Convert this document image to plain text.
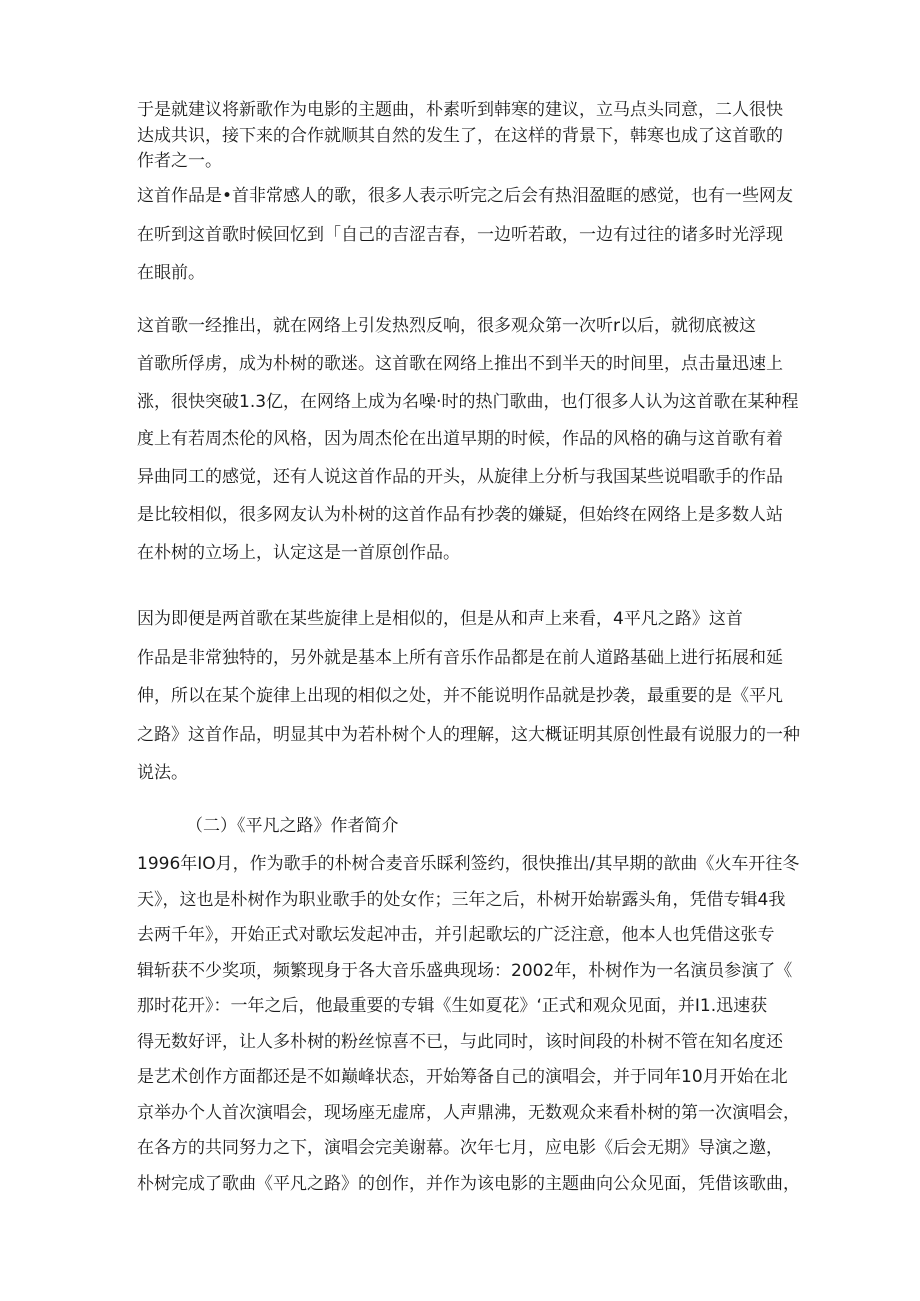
于是就建议将新歌作为电影的主题曲，朴素听到韩寒的建议，立马点头同意，二人很快
达成共识，接下来的合作就顺其自然的发生了，在这样的背景下，韩寒也成了这首歌的
作者之一。
这首作品是•首非常感人的歌，很多人表示听完之后会有热泪盈眶的感觉，也有一些网友
在听到这首歌时候回忆到「自己的吉涩吉春，一边听若敢，一边有过往的诸多时光浮现
在眼前。
这首歌一经推出，就在网络上引发热烈反响，很多观众第一次听r以后，就彻底被这
首歌所俘虏，成为朴树的歌迷。这首歌在网络上推出不到半天的时间里，点击量迅速上
涨，很快突破1.3亿，在网络上成为名噪·时的热门歌曲，也仃很多人认为这首歌在某种程
度上有若周杰伦的风格，因为周杰伦在出道早期的时候，作品的风格的确与这首歌有着
异曲同工的感觉，还有人说这首作品的开头，从旋律上分析与我国某些说唱歌手的作品
是比较相似，很多网友认为朴树的这首作品有抄袭的嫌疑，但始终在网络上是多数人站
在朴树的立场上，认定这是一首原创作品。
因为即便是两首歌在某些旋律上是相似的，但是从和声上来看，4平凡之路》这首
作品是非常独特的，另外就是基本上所有音乐作品都是在前人道路基础上进行拓展和延
伸，所以在某个旋律上出现的相似之处，并不能说明作品就是抄袭，最重要的是《平凡
之路》这首作品，明显其中为若朴树个人的理解，这大概证明其原创性最有说服力的一种
说法。
（二）《平凡之路》作者简介
1996年IO月，作为歌手的朴树合麦音乐睬利签约，很快推出/其早期的歆曲《火车开往冬
天》，这也是朴树作为职业歌手的处女作；三年之后，朴树开始崭露头角，凭借专辑4我
去两千年》，开始正式对歌坛发起冲击，并引起歌坛的广泛注意，他本人也凭借这张专
辑斩获不少奖项，频繁现身于各大音乐盛典现场：2002年，朴树作为一名演员参演了《
那时花开》：一年之后，他最重要的专辑《生如夏花》‘正式和观众见面，并I1.迅速获
得无数好评，让人多朴树的粉丝惊喜不已，与此同时，该时间段的朴树不管在知名度还
是艺术创作方面都还是不如巅峰状态，开始筹备自己的演唱会，并于同年10月开始在北
京举办个人首次演唱会，现场座无虚席，人声鼎沸，无数观众来看朴树的第一次演唱会，
在各方的共同努力之下，演唱会完美谢幕。次年七月，应电影《后会无期》导演之邀，
朴树完成了歌曲《平凡之路》的创作，并作为该电影的主题曲向公众见面，凭借该歌曲，
